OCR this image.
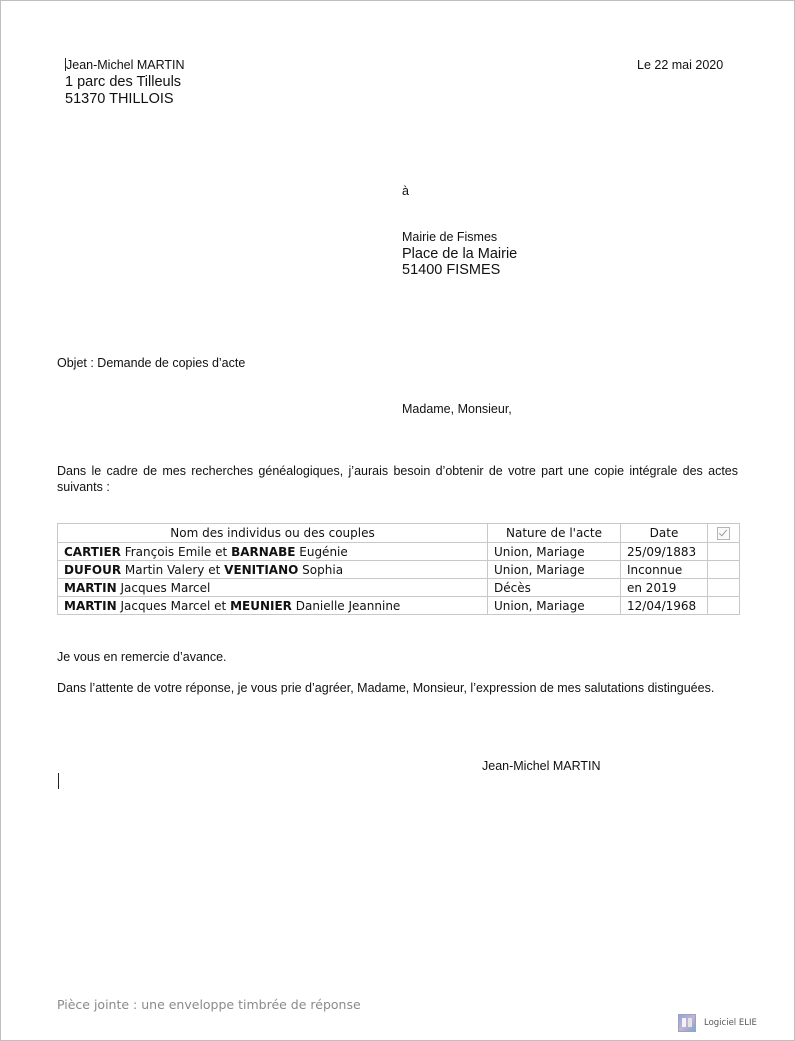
Jean-Michel MARTIN
1 parc des Tilleuls
51370 THILLOIS
Le 22 mai 2020
à
Mairie de Fismes
Place de la Mairie
51400 FISMES
Objet : Demande de copies d’acte
Madame, Monsieur,
Dans le cadre de mes recherches généalogiques, j’aurais besoin d’obtenir de votre part une copie intégrale des actes suivants :
Nom des individus ou des couples	Nature de l'acte	Date	
CARTIER François Emile et BARNABE Eugénie	Union, Mariage	25/09/1883	
DUFOUR Martin Valery et VENITIANO Sophia	Union, Mariage	Inconnue	
MARTIN Jacques Marcel	Décès	en 2019	
MARTIN Jacques Marcel et MEUNIER Danielle Jeannine	Union, Mariage	12/04/1968	
Je vous en remercie d’avance.
Dans l’attente de votre réponse, je vous prie d’agréer, Madame, Monsieur, l’expression de mes salutations distinguées.
Jean-Michel MARTIN
Pièce jointe : une enveloppe timbrée de réponse
Logiciel ELIE
